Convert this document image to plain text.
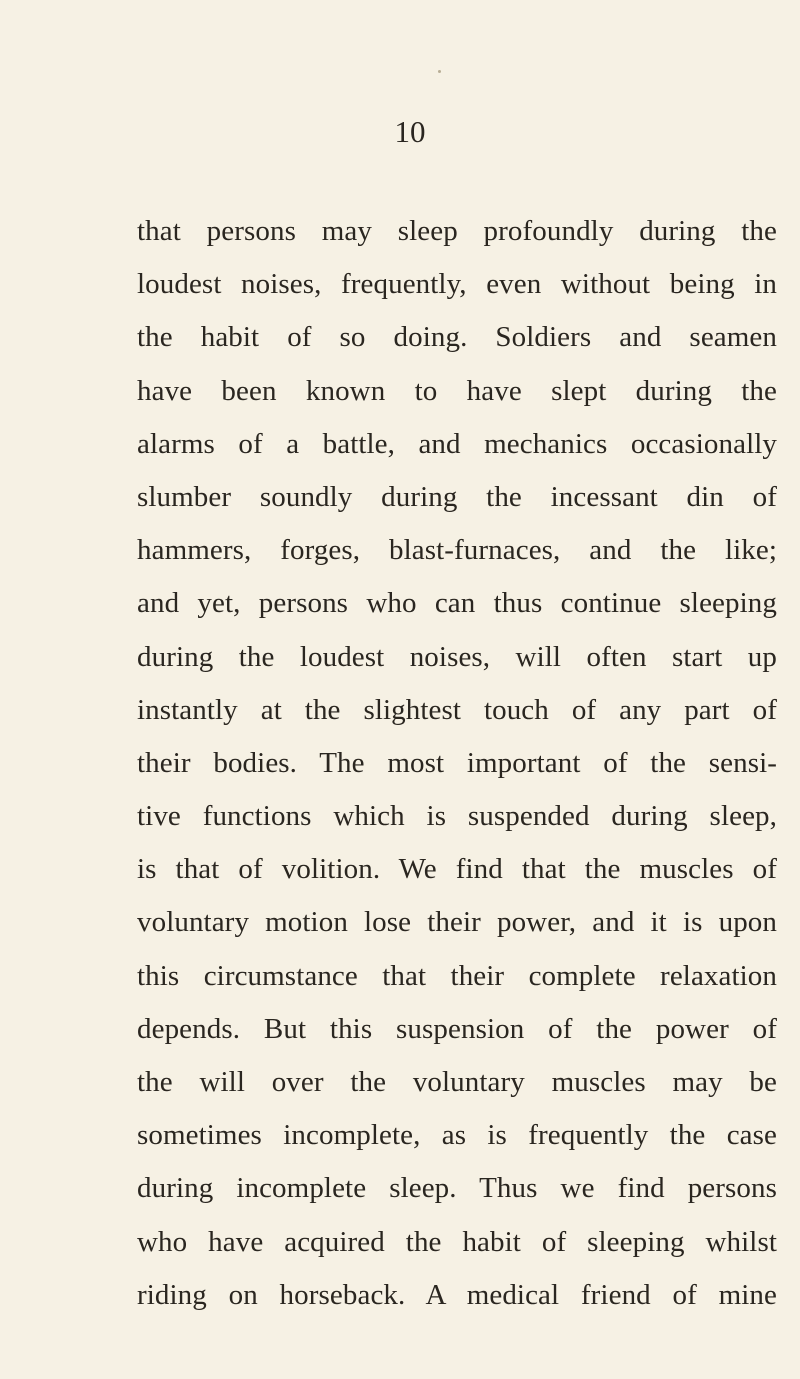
10
that persons may sleep profoundly during the
loudest noises, frequently, even without being in
the habit of so doing. Soldiers and seamen
have been known to have slept during the
alarms of a battle, and mechanics occasionally
slumber soundly during the incessant din of
hammers, forges, blast-furnaces, and the like;
and yet, persons who can thus continue sleeping
during the loudest noises, will often start up
instantly at the slightest touch of any part of
their bodies. The most important of the sensi-
tive functions which is suspended during sleep,
is that of volition. We find that the muscles of
voluntary motion lose their power, and it is upon
this circumstance that their complete relaxation
depends. But this suspension of the power of
the will over the voluntary muscles may be
sometimes incomplete, as is frequently the case
during incomplete sleep. Thus we find persons
who have acquired the habit of sleeping whilst
riding on horseback. A medical friend of mine
